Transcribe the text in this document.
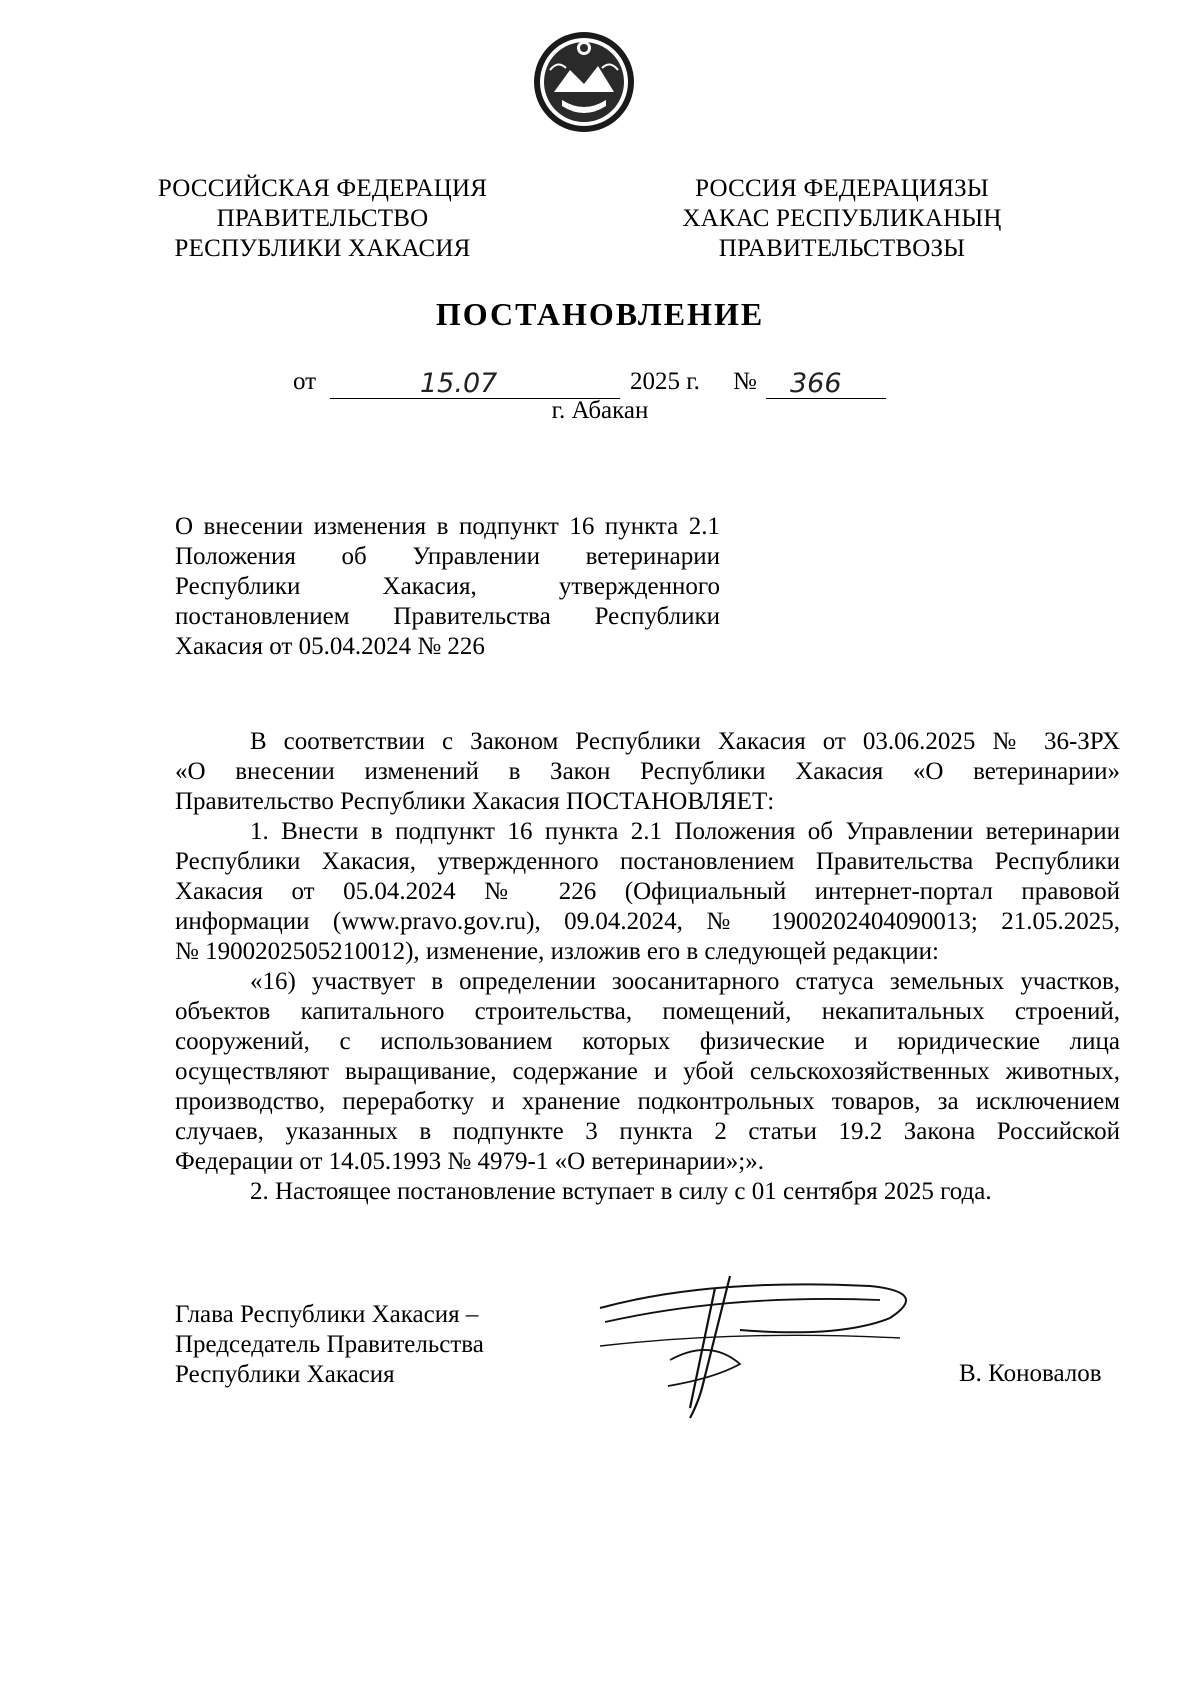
РОССИЙСКАЯ ФЕДЕРАЦИЯ
ПРАВИТЕЛЬСТВО
РЕСПУБЛИКИ ХАКАСИЯ
РОССИЯ ФЕДЕРАЦИЯЗЫ
ХАКАС РЕСПУБЛИКАНЫҢ
ПРАВИТЕЛЬСТВОЗЫ
ПОСТАНОВЛЕНИЕ
от	15.07	2025 г. № 366
г. Абакан
О внесении изменения в подпункт 16 пункта 2.1
Положения об Управлении ветеринарии
Республики Хакасия, утвержденного
постановлением Правительства Республики
Хакасия от 05.04.2024 № 226
В соответствии с Законом Республики Хакасия от 03.06.2025 № 36-ЗРХ
«О внесении изменений в Закон Республики Хакасия «О ветеринарии»
Правительство Республики Хакасия ПОСТАНОВЛЯЕТ:
1. Внести в подпункт 16 пункта 2.1 Положения об Управлении ветеринарии
Республики Хакасия, утвержденного постановлением Правительства Республики
Хакасия от 05.04.2024 № 226 (Официальный интернет-портал правовой
информации (www.pravo.gov.ru), 09.04.2024, № 1900202404090013; 21.05.2025,
№ 1900202505210012), изменение, изложив его в следующей редакции:
«16) участвует в определении зоосанитарного статуса земельных участков,
объектов капитального строительства, помещений, некапитальных строений,
сооружений, с использованием которых физические и юридические лица
осуществляют выращивание, содержание и убой сельскохозяйственных животных,
производство, переработку и хранение подконтрольных товаров, за исключением
случаев, указанных в подпункте 3 пункта 2 статьи 19.2 Закона Российской
Федерации от 14.05.1993 № 4979-1 «О ветеринарии»;».
2. Настоящее постановление вступает в силу с 01 сентября 2025 года.
Глава Республики Хакасия –
Председатель Правительства
Республики Хакасия	В. Коновалов
